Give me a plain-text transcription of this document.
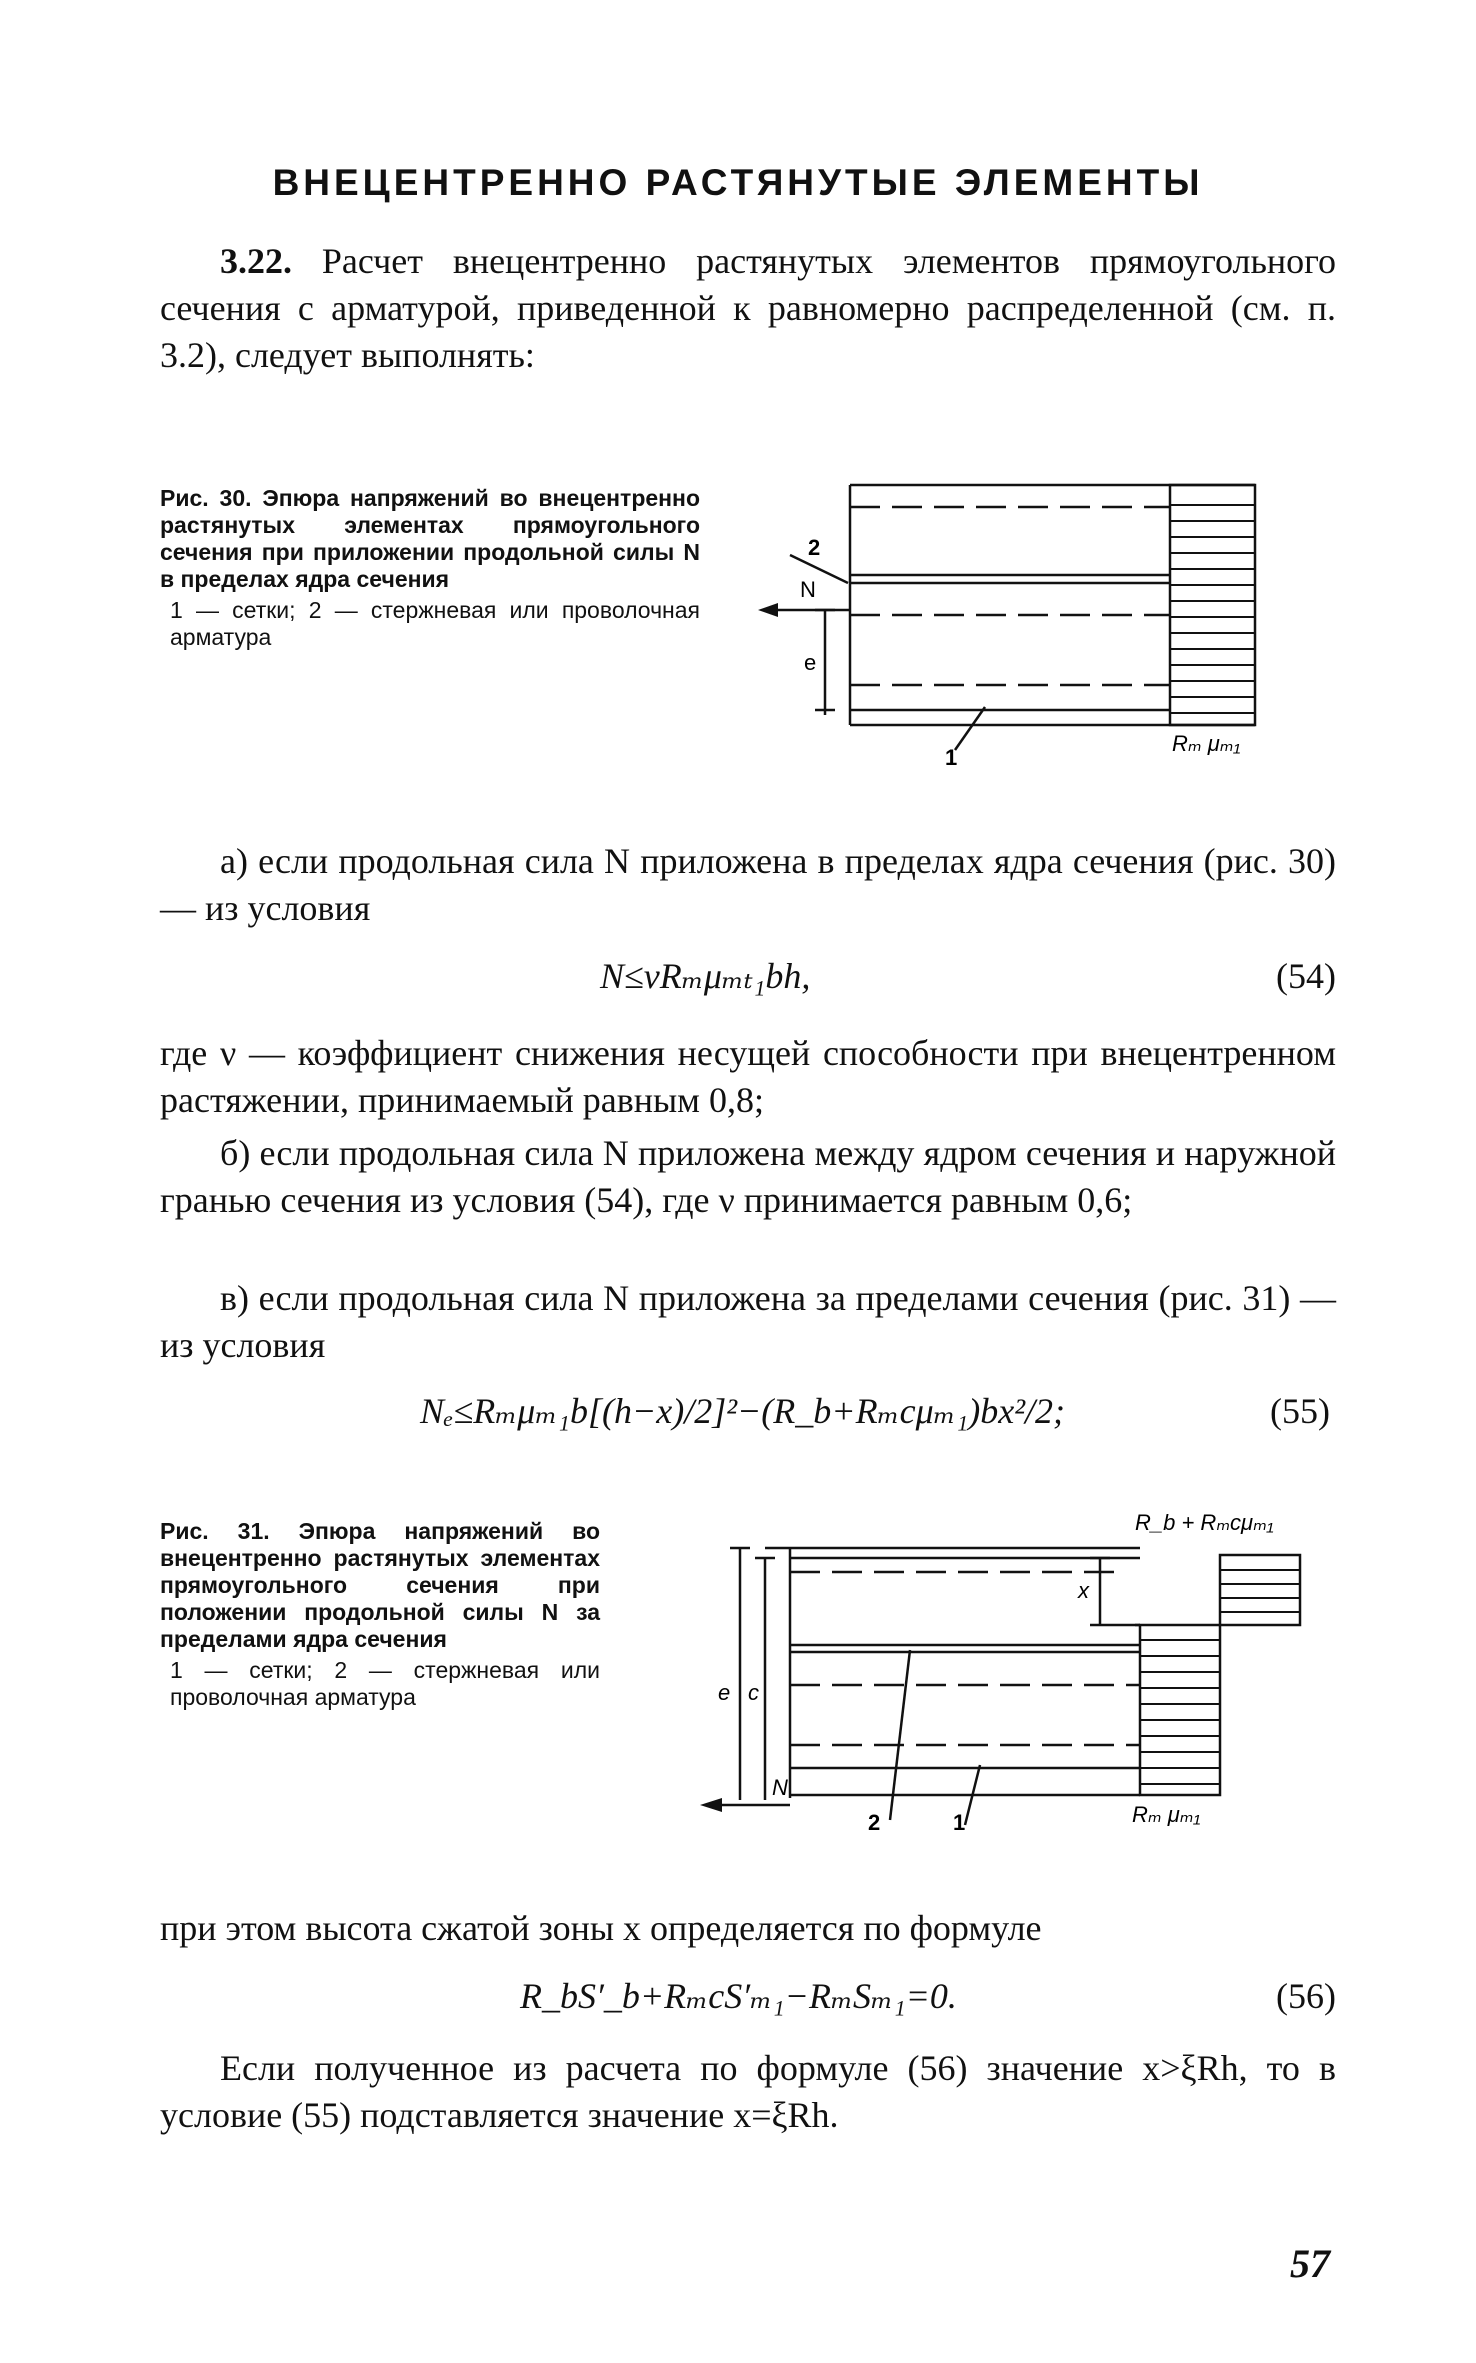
ВНЕЦЕНТРЕННО РАСТЯНУТЫЕ ЭЛЕМЕНТЫ
3.22. Расчет внецентренно растянутых элементов прямоугольного сечения с арматурой, приведенной к равномерно распределенной (см. п. 3.2), следует выполнять:
Рис. 30. Эпюра напряжений во внецентренно растянутых элементах прямоугольного сечения при приложении продольной силы N в пределах ядра сечения
1 — сетки; 2 — стержневая или проволочная арматура
2
N
e
1
Rₘ μₘ₁
а) если продольная сила N приложена в пределах ядра сечения (рис. 30) — из условия
N≤νRₘμₘₜ₁bh,	(54)
где ν — коэффициент снижения несущей способности при внецентренном растяжении, принимаемый равным 0,8;
б) если продольная сила N приложена между ядром сечения и наружной гранью сечения из условия (54), где ν принимается равным 0,6;
в) если продольная сила N приложена за пределами сечения (рис. 31) — из условия
Nₑ≤Rₘμₘ₁b[(h−x)/2]²−(R_b+Rₘcμₘ₁)bx²/2;	(55)
Рис. 31. Эпюра напряжений во внецентренно растянутых элементах прямоугольного сечения при положении продольной силы N за пределами ядра сечения
1 — сетки; 2 — стержневая или проволочная арматура
R_b + Rₘcμₘ₁
x
e c
N
2	1	Rₘ μₘ₁
при этом высота сжатой зоны x определяется по формуле
R_bS′_b+RₘcS′ₘ₁−RₘSₘ₁=0.	(56)
Если полученное из расчета по формуле (56) значение x>ξRh, то в условие (55) подставляется значение x=ξRh.
57
